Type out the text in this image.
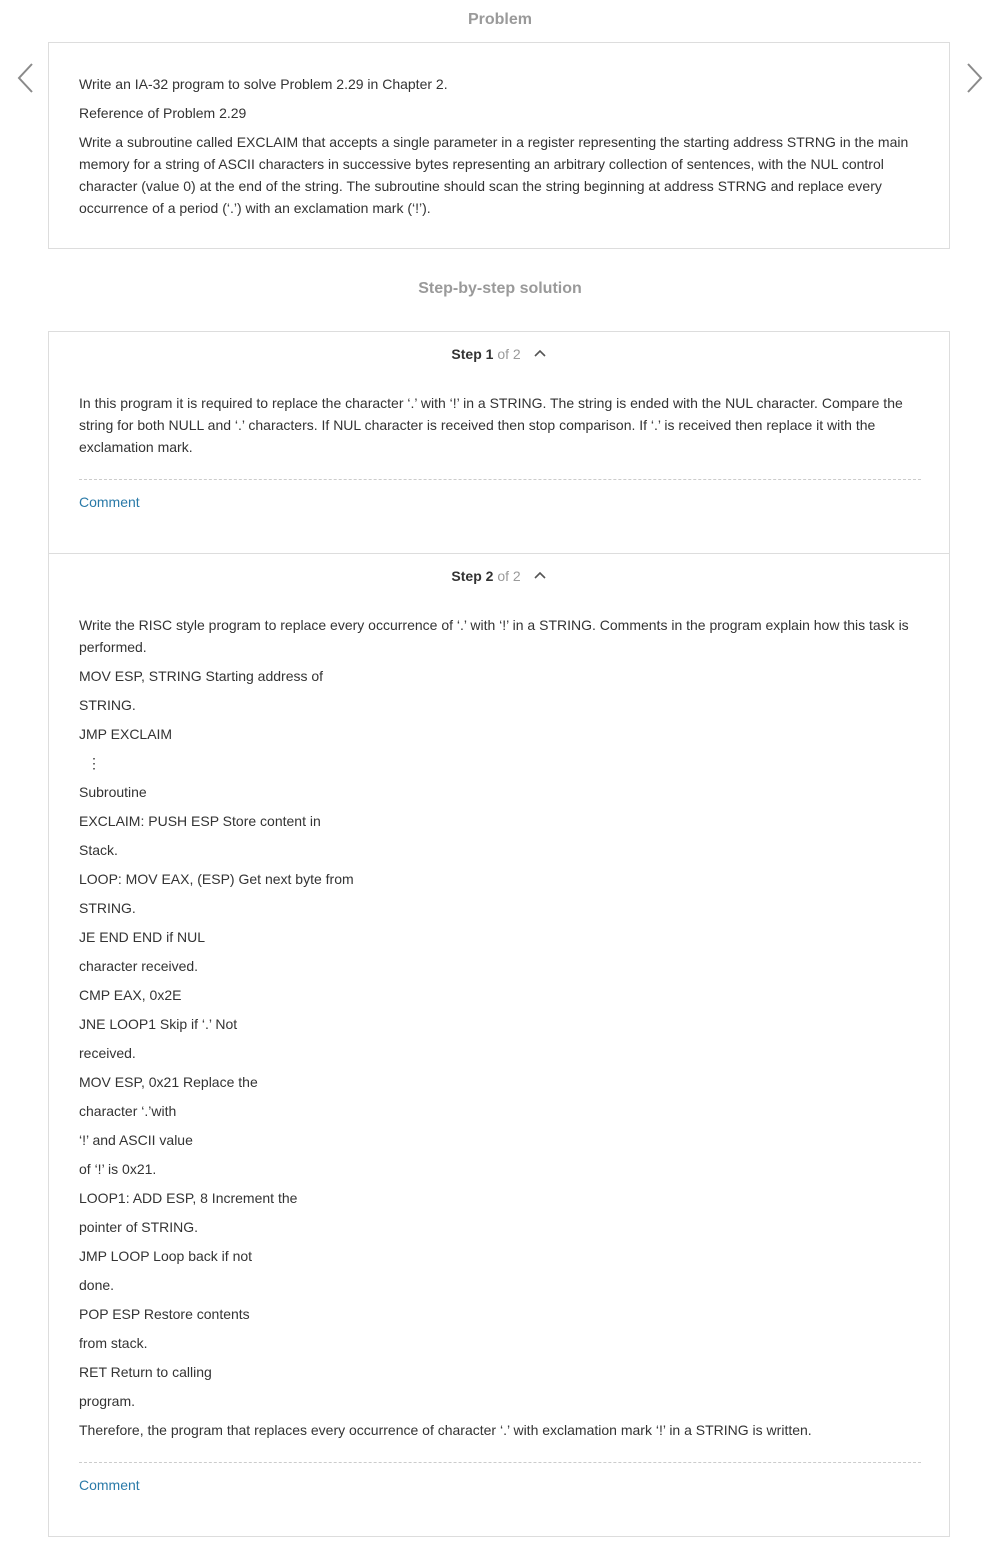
Problem

Write an IA-32 program to solve Problem 2.29 in Chapter 2.

Reference of Problem 2.29

Write a subroutine called EXCLAIM that accepts a single parameter in a register representing the starting address STRNG in the main memory for a string of ASCII characters in successive bytes representing an arbitrary collection of sentences, with the NUL control character (value 0) at the end of the string. The subroutine should scan the string beginning at address STRNG and replace every occurrence of a period (‘.’) with an exclamation mark (‘!’).

Step-by-step solution
Step 1 of 2

In this program it is required to replace the character ‘.’ with ‘!’ in a STRING. The string is ended with the NUL character. Compare the string for both NULL and ‘.’ characters. If NUL character is received then stop comparison. If ‘.’ is received then replace it with the exclamation mark.

Comment
Step 2 of 2

Write the RISC style program to replace every occurrence of ‘.’ with ‘!’ in a STRING. Comments in the program explain how this task is performed.

MOV ESP, STRING Starting address of
STRING.
JMP EXCLAIM
⋮
Subroutine
EXCLAIM: PUSH ESP Store content in
Stack.
LOOP: MOV EAX, (ESP) Get next byte from
STRING.
JE END END if NUL
character received.
CMP EAX, 0x2E
JNE LOOP1 Skip if ‘.’ Not
received.
MOV ESP, 0x21 Replace the
character ‘.’with
‘!’ and ASCII value
of ‘!’ is 0x21.
LOOP1: ADD ESP, 8 Increment the
pointer of STRING.
JMP LOOP Loop back if not
done.
POP ESP Restore contents
from stack.
RET Return to calling
program.

Therefore, the program that replaces every occurrence of character ‘.’ with exclamation mark ‘!’ in a STRING is written.

Comment
